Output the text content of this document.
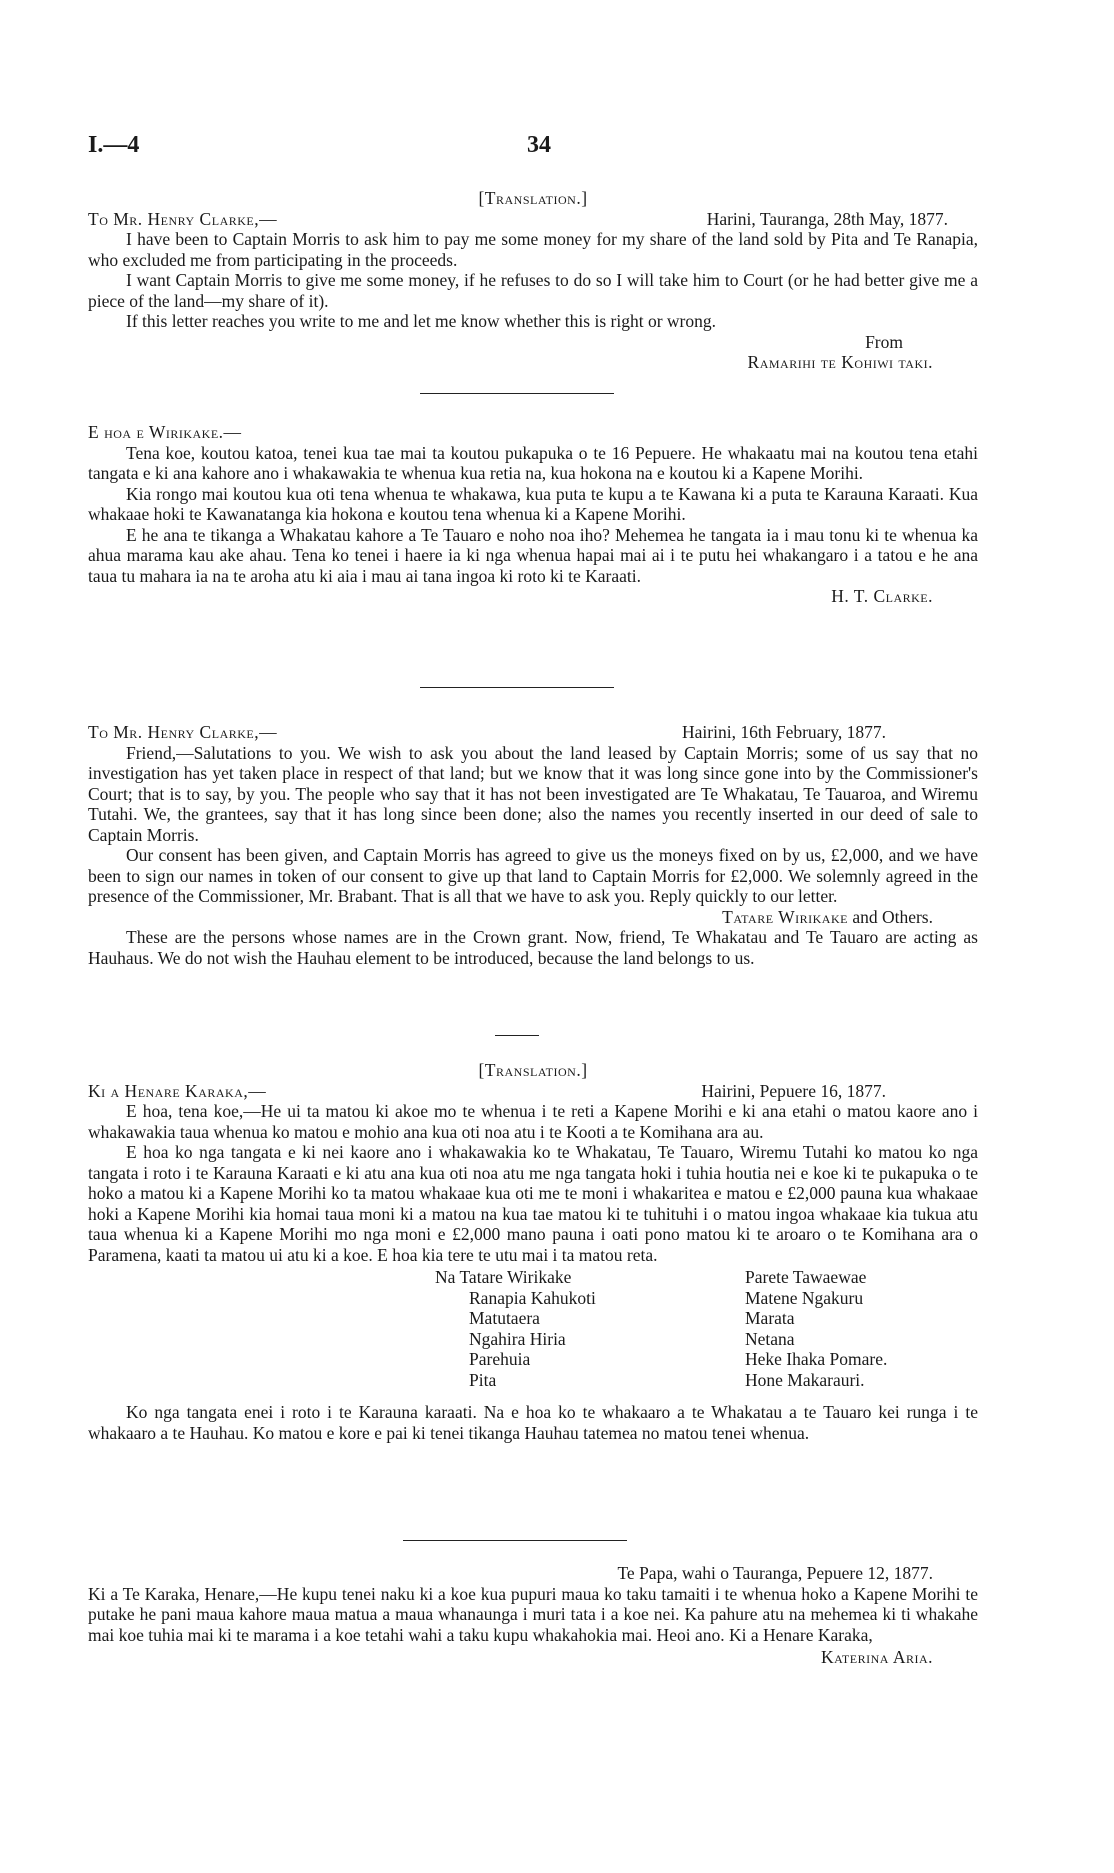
I.—4	34

[Translation.]

To Mr. Henry Clarke,—	Harini, Tauranga, 28th May, 1877.

I have been to Captain Morris to ask him to pay me some money for my share of the land sold by Pita and Te Ranapia, who excluded me from participating in the proceeds.

I want Captain Morris to give me some money, if he refuses to do so I will take him to Court (or he had better give me a piece of the land—my share of it).

If this letter reaches you write to me and let me know whether this is right or wrong.

From

Ramarihi te Kohiwi taki.

E hoa e Wirikake.—

Tena koe, koutou katoa, tenei kua tae mai ta koutou pukapuka o te 16 Pepuere. He whakaatu mai na koutou tena etahi tangata e ki ana kahore ano i whakawakia te whenua kua retia na, kua hokona na e koutou ki a Kapene Morihi.

Kia rongo mai koutou kua oti tena whenua te whakawa, kua puta te kupu a te Kawana ki a puta te Karauna Karaati. Kua whakaae hoki te Kawanatanga kia hokona e koutou tena whenua ki a Kapene Morihi.

E he ana te tikanga a Whakatau kahore a Te Tauaro e noho noa iho? Mehemea he tangata ia i mau tonu ki te whenua ka ahua marama kau ake ahau. Tena ko tenei i haere ia ki nga whenua hapai mai ai i te putu hei whakangaro i a tatou e he ana taua tu mahara ia na te aroha atu ki aia i mau ai tana ingoa ki roto ki te Karaati.

H. T. Clarke.

To Mr. Henry Clarke,—	Hairini, 16th February, 1877.

Friend,—Salutations to you. We wish to ask you about the land leased by Captain Morris; some of us say that no investigation has yet taken place in respect of that land; but we know that it was long since gone into by the Commissioner's Court; that is to say, by you. The people who say that it has not been investigated are Te Whakatau, Te Tauaroa, and Wiremu Tutahi. We, the grantees, say that it has long since been done; also the names you recently inserted in our deed of sale to Captain Morris.

Our consent has been given, and Captain Morris has agreed to give us the moneys fixed on by us, £2,000, and we have been to sign our names in token of our consent to give up that land to Captain Morris for £2,000. We solemnly agreed in the presence of the Commissioner, Mr. Brabant. That is all that we have to ask you. Reply quickly to our letter.

Tatare Wirikake and Others.

These are the persons whose names are in the Crown grant. Now, friend, Te Whakatau and Te Tauaro are acting as Hauhaus. We do not wish the Hauhau element to be introduced, because the land belongs to us.

[Translation.]

Ki a Henare Karaka,—	Hairini, Pepuere 16, 1877.

E hoa, tena koe,—He ui ta matou ki akoe mo te whenua i te reti a Kapene Morihi e ki ana etahi o matou kaore ano i whakawakia taua whenua ko matou e mohio ana kua oti noa atu i te Kooti a te Komihana ara au.

E hoa ko nga tangata e ki nei kaore ano i whakawakia ko te Whakatau, Te Tauaro, Wiremu Tutahi ko matou ko nga tangata i roto i te Karauna Karaati e ki atu ana kua oti noa atu me nga tangata hoki i tuhia houtia nei e koe ki te pukapuka o te hoko a matou ki a Kapene Morihi ko ta matou whakaae kua oti me te moni i whakaritea e matou e £2,000 pauna kua whakaae hoki a Kapene Morihi kia homai taua moni ki a matou na kua tae matou ki te tuhituhi i o matou ingoa whakaae kia tukua atu taua whenua ki a Kapene Morihi mo nga moni e £2,000 mano pauna i oati pono matou ki te aroaro o te Komihana ara o Paramena, kaati ta matou ui atu ki a koe. E hoa kia tere te utu mai i ta matou reta.

Na Tatare Wirikake	Parete Tawaewae
Ranapia Kahukoti	Matene Ngakuru
Matutaera	Marata
Ngahira Hiria	Netana
Parehuia	Heke Ihaka Pomare.
Pita	Hone Makarauri.

Ko nga tangata enei i roto i te Karauna karaati. Na e hoa ko te whakaaro a te Whakatau a te Tauaro kei runga i te whakaaro a te Hauhau. Ko matou e kore e pai ki tenei tikanga Hauhau tatemea no matou tenei whenua.

Te Papa, wahi o Tauranga, Pepuere 12, 1877.

Ki a Te Karaka, Henare,—He kupu tenei naku ki a koe kua pupuri maua ko taku tamaiti i te whenua hoko a Kapene Morihi te putake he pani maua kahore maua matua a maua whanaunga i muri tata i a koe nei. Ka pahure atu na mehemea ki ti whakahe mai koe tuhia mai ki te marama i a koe tetahi wahi a taku kupu whakahokia mai. Heoi ano. Ki a Henare Karaka,

Katerina Aria.
